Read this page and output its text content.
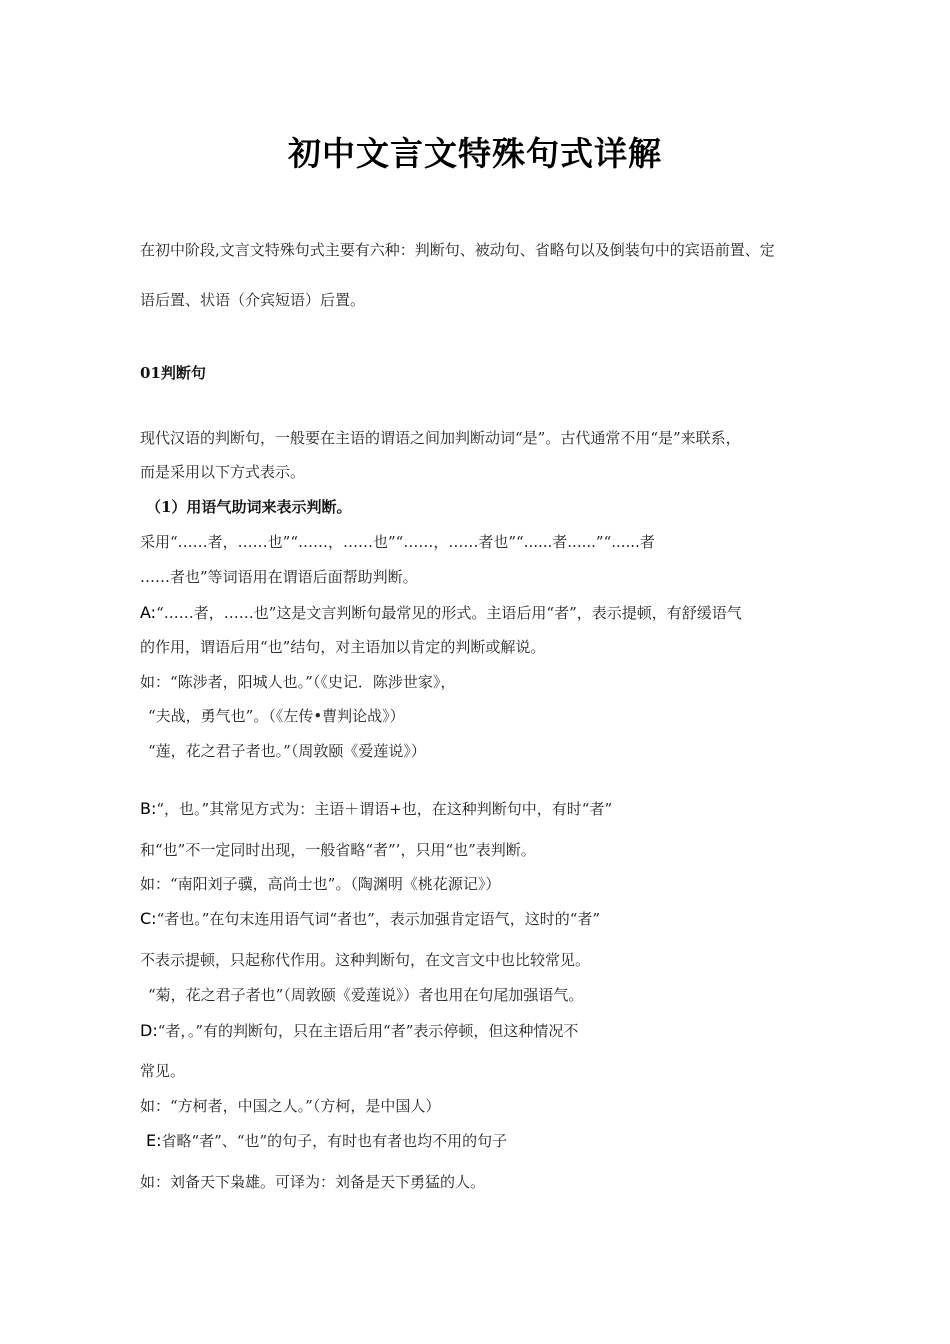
初中文言文特殊句式详解
在初中阶段,文言文特殊句式主要有六种：判断句、被动句、省略句以及倒装句中的宾语前置、定
语后置、状语（介宾短语）后置。
01判断句
现代汉语的判断句，一般要在主语的谓语之间加判断动词“是”。古代通常不用“是”来联系，
而是采用以下方式表示。
（1）用语气助词来表示判断。
采用“……者，……也”“……，……也”“……，……者也”“......者......”“......者
……者也”等词语用在谓语后面帮助判断。
A:“……者，……也”这是文言判断句最常见的形式。主语后用“者”，表示提顿，有舒缓语气
的作用，谓语后用“也”结句，对主语加以肯定的判断或解说。
如：“陈涉者，阳城人也。”（《史记．陈涉世家》，
“夫战，勇气也”。（《左传•曹判论战》）
“莲，花之君子者也。”（周敦颐《爱莲说》）
B:“，也。”其常见方式为：主语＋谓语+也，在这种判断句中，有时“者”
和“也”不一定同时出现，一般省略“者”’，只用“也”表判断。
如：“南阳刘子骥，高尚士也”。（陶渊明《桃花源记》）
C:“者也。”在句末连用语气词“者也”，表示加强肯定语气，这时的“者”
不表示提顿，只起称代作用。这种判断句，在文言文中也比较常见。
“菊，花之君子者也”（周敦颐《爱莲说》）者也用在句尾加强语气。
D:“者，。”有的判断句，只在主语后用“者”表示停顿，但这种情况不
常见。
如：“方柯者，中国之人。”（方柯，是中国人）
E:省略“者”、“也”的句子，有时也有者也均不用的句子
如：刘备天下枭雄。可译为：刘备是天下勇猛的人。
